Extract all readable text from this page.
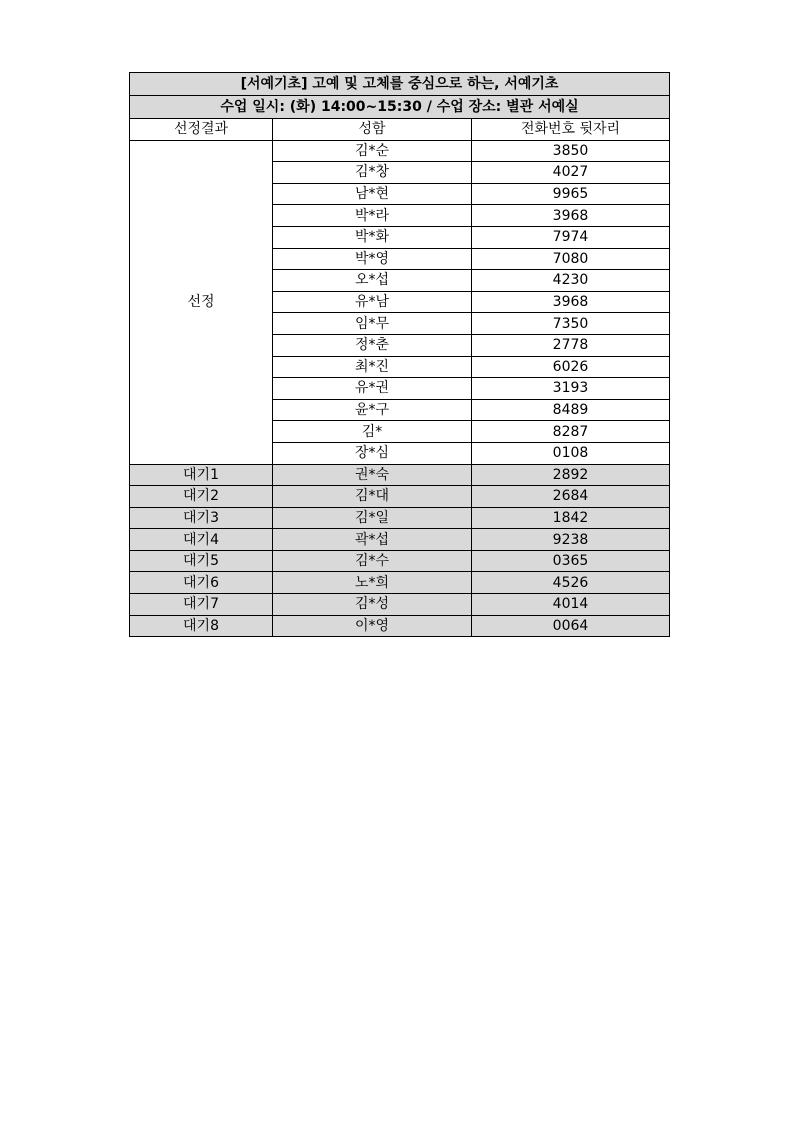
[서예기초] 고예 및 고체를 중심으로 하는, 서예기초		
수업 일시: (화) 14:00~15:30 / 수업 장소: 별관 서예실		
선정결과	성함	전화번호 뒷자리
선정	김*순	3850
	김*창	4027
	남*현	9965
	박*라	3968
	박*화	7974
	박*영	7080
	오*섭	4230
	유*남	3968
	임*무	7350
	정*춘	2778
	최*진	6026
	유*권	3193
	윤*구	8489
	김*	8287
	장*심	0108
대기1	권*숙	2892
대기2	김*대	2684
대기3	김*일	1842
대기4	곽*섭	9238
대기5	김*수	0365
대기6	노*희	4526
대기7	김*성	4014
대기8	이*영	0064
